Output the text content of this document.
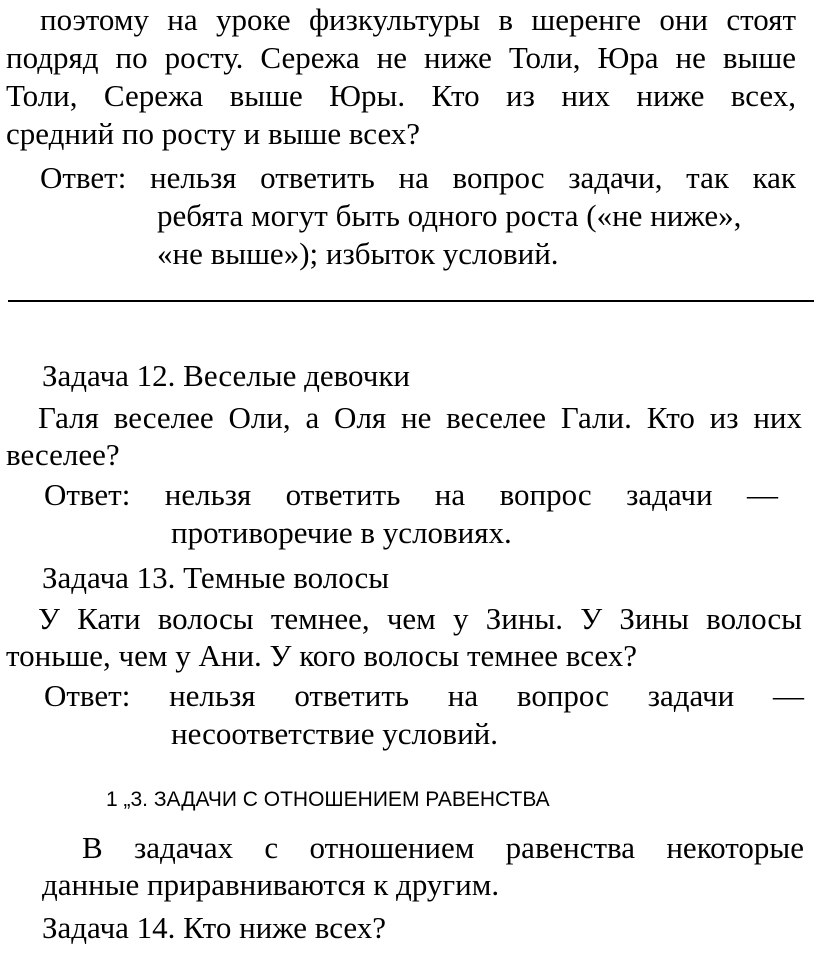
поэтому на уроке физкультуры в шеренге они стоят
подряд по росту. Сережа не ниже Толи, Юра не выше
Толи, Сережа выше Юры. Кто из них ниже всех,
средний по росту и выше всех?
Ответ: нельзя ответить на вопрос задачи, так как
ребята могут быть одного роста («не ниже»,
«не выше»); избыток условий.
Задача 12. Веселые девочки
Галя веселее Оли, а Оля не веселее Гали. Кто из них
веселее?
Ответ: нельзя ответить на вопрос задачи —
противоречие в условиях.
Задача 13. Темные волосы
У Кати волосы темнее, чем у Зины. У Зины волосы
тоньше, чем у Ани. У кого волосы темнее всех?
Ответ: нельзя ответить на вопрос задачи —
несоответствие условий.
1 „3. ЗАДАЧИ С ОТНОШЕНИЕМ РАВЕНСТВА
В задачах с отношением равенства некоторые
данные приравниваются к другим.
Задача 14. Кто ниже всех?
